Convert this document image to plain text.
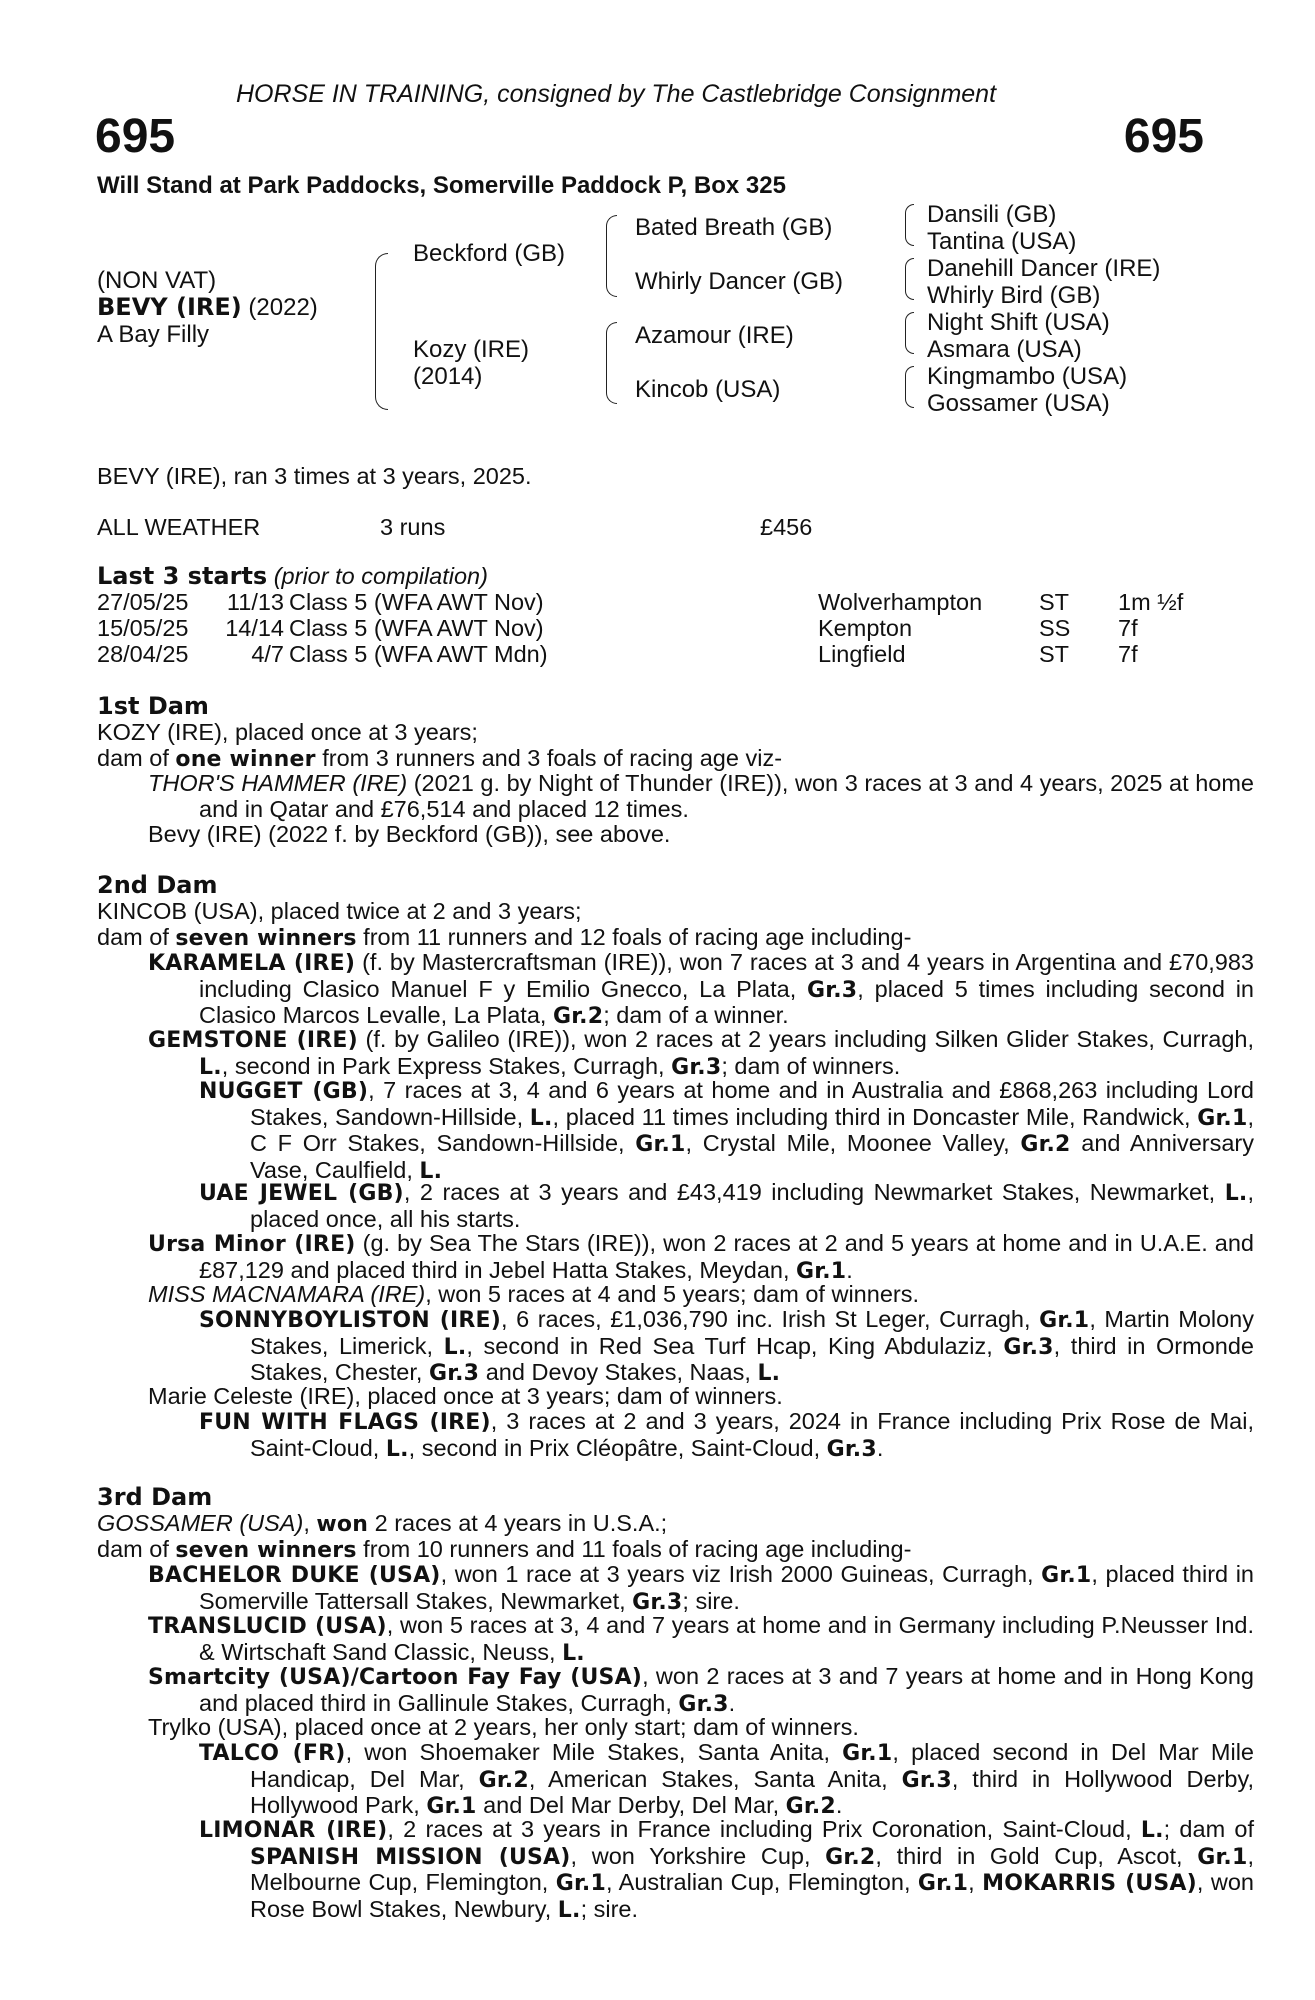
HORSE IN TRAINING, consigned by The Castlebridge Consignment
695	695
Will Stand at Park Paddocks, Somerville Paddock P, Box 325
(NON VAT)
BEVY (IRE) (2022)
A Bay Filly
Beckford (GB)
Kozy (IRE)
(2014)
Bated Breath (GB)
Whirly Dancer (GB)
Azamour (IRE)
Kincob (USA)
Dansili (GB)
Tantina (USA)
Danehill Dancer (IRE)
Whirly Bird (GB)
Night Shift (USA)
Asmara (USA)
Kingmambo (USA)
Gossamer (USA)
BEVY (IRE), ran 3 times at 3 years, 2025.
ALL WEATHER	3 runs	£456
Last 3 starts (prior to compilation)
27/05/25 11/13 Class 5 (WFA AWT Nov)	Wolverhampton ST 1m ½f
15/05/25 14/14 Class 5 (WFA AWT Nov)	Kempton	SS 7f
28/04/25	4/7 Class 5 (WFA AWT Mdn)	Lingfield	ST 7f
1st Dam
KOZY (IRE), placed once at 3 years;
dam of one winner from 3 runners and 3 foals of racing age viz-
THOR'S HAMMER (IRE) (2021 g. by Night of Thunder (IRE)), won 3 races at 3 and 4 years, 2025 at home and in Qatar and £76,514 and placed 12 times.
Bevy (IRE) (2022 f. by Beckford (GB)), see above.
2nd Dam
KINCOB (USA), placed twice at 2 and 3 years;
dam of seven winners from 11 runners and 12 foals of racing age including-
KARAMELA (IRE) (f. by Mastercraftsman (IRE)), won 7 races at 3 and 4 years in Argentina and £70,983 including Clasico Manuel F y Emilio Gnecco, La Plata, Gr.3, placed 5 times including second in Clasico Marcos Levalle, La Plata, Gr.2; dam of a winner.
GEMSTONE (IRE) (f. by Galileo (IRE)), won 2 races at 2 years including Silken Glider Stakes, Curragh, L., second in Park Express Stakes, Curragh, Gr.3; dam of winners.
NUGGET (GB), 7 races at 3, 4 and 6 years at home and in Australia and £868,263 including Lord Stakes, Sandown-Hillside, L., placed 11 times including third in Doncaster Mile, Randwick, Gr.1, C F Orr Stakes, Sandown-Hillside, Gr.1, Crystal Mile, Moonee Valley, Gr.2 and Anniversary Vase, Caulfield, L.
UAE JEWEL (GB), 2 races at 3 years and £43,419 including Newmarket Stakes, Newmarket, L., placed once, all his starts.
Ursa Minor (IRE) (g. by Sea The Stars (IRE)), won 2 races at 2 and 5 years at home and in U.A.E. and £87,129 and placed third in Jebel Hatta Stakes, Meydan, Gr.1.
MISS MACNAMARA (IRE), won 5 races at 4 and 5 years; dam of winners.
SONNYBOYLISTON (IRE), 6 races, £1,036,790 inc. Irish St Leger, Curragh, Gr.1, Martin Molony Stakes, Limerick, L., second in Red Sea Turf Hcap, King Abdulaziz, Gr.3, third in Ormonde Stakes, Chester, Gr.3 and Devoy Stakes, Naas, L.
Marie Celeste (IRE), placed once at 3 years; dam of winners.
FUN WITH FLAGS (IRE), 3 races at 2 and 3 years, 2024 in France including Prix Rose de Mai, Saint-Cloud, L., second in Prix Cléopâtre, Saint-Cloud, Gr.3.
3rd Dam
GOSSAMER (USA), won 2 races at 4 years in U.S.A.;
dam of seven winners from 10 runners and 11 foals of racing age including-
BACHELOR DUKE (USA), won 1 race at 3 years viz Irish 2000 Guineas, Curragh, Gr.1, placed third in Somerville Tattersall Stakes, Newmarket, Gr.3; sire.
TRANSLUCID (USA), won 5 races at 3, 4 and 7 years at home and in Germany including P.Neusser Ind. & Wirtschaft Sand Classic, Neuss, L.
Smartcity (USA)/Cartoon Fay Fay (USA), won 2 races at 3 and 7 years at home and in Hong Kong and placed third in Gallinule Stakes, Curragh, Gr.3.
Trylko (USA), placed once at 2 years, her only start; dam of winners.
TALCO (FR), won Shoemaker Mile Stakes, Santa Anita, Gr.1, placed second in Del Mar Mile Handicap, Del Mar, Gr.2, American Stakes, Santa Anita, Gr.3, third in Hollywood Derby, Hollywood Park, Gr.1 and Del Mar Derby, Del Mar, Gr.2.
LIMONAR (IRE), 2 races at 3 years in France including Prix Coronation, Saint-Cloud, L.; dam of SPANISH MISSION (USA), won Yorkshire Cup, Gr.2, third in Gold Cup, Ascot, Gr.1, Melbourne Cup, Flemington, Gr.1, Australian Cup, Flemington, Gr.1, MOKARRIS (USA), won Rose Bowl Stakes, Newbury, L.; sire.
